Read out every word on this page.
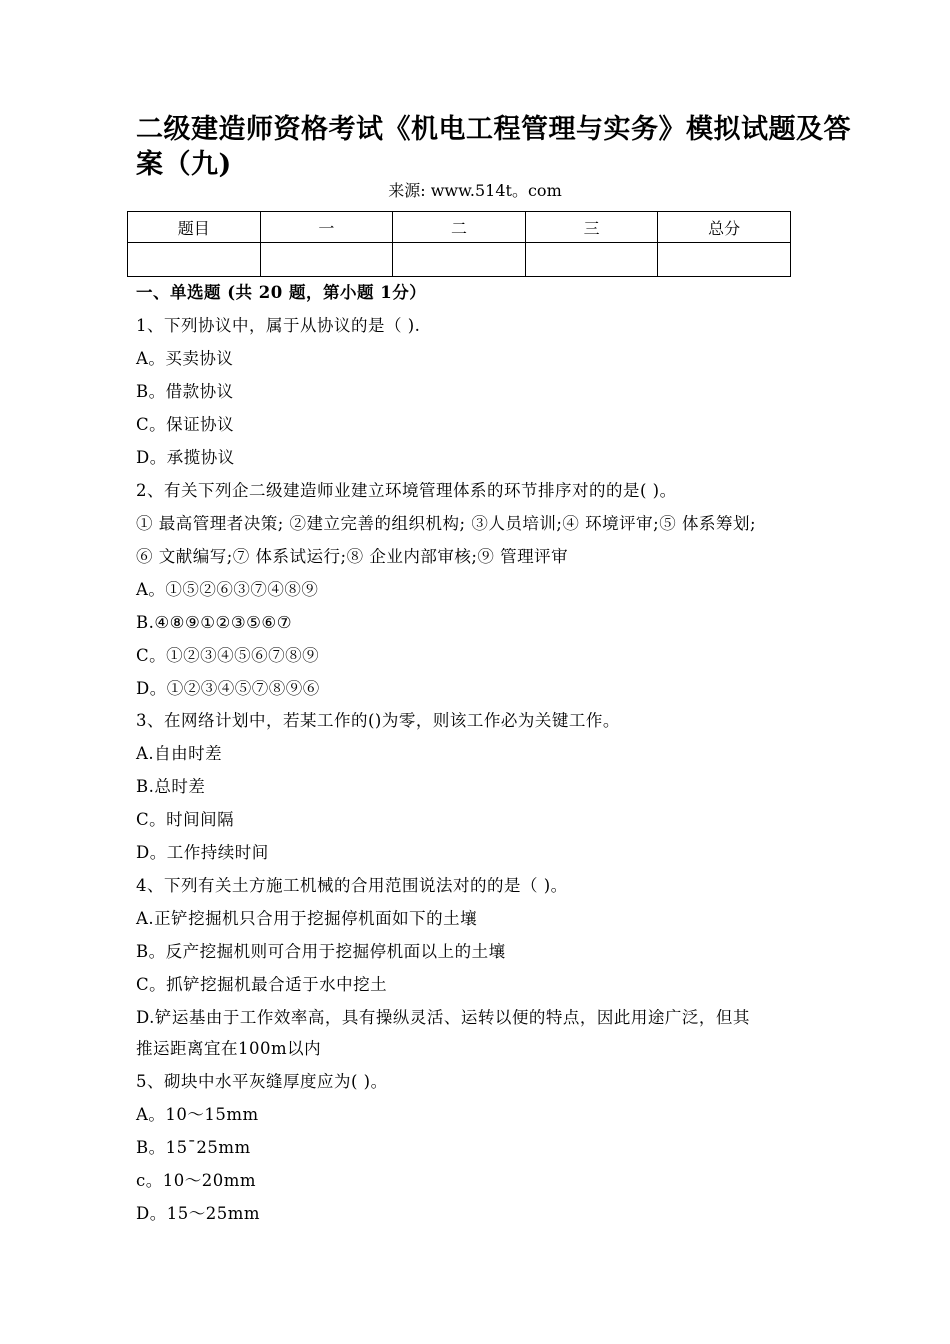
二级建造师资格考试《机电工程管理与实务》模拟试题及答案（九)
来源: www.514t。com
题目	一	二	三	总分

一、单选题 (共 20 题，第小题 1分）
1、下列协议中，属于从协议的是（ ).
A。买卖协议
B。借款协议
C。保证协议
D。承揽协议
2、有关下列企二级建造师业建立环境管理体系的环节排序对的的是( )。
① 最高管理者决策; ②建立完善的组织机构; ③人员培训;④ 环境评审;⑤ 体系筹划;
⑥ 文献编写;⑦ 体系试运行;⑧ 企业内部审核;⑨ 管理评审
A。①⑤②⑥③⑦④⑧⑨
B.④⑧⑨①②③⑤⑥⑦
C。①②③④⑤⑥⑦⑧⑨
D。①②③④⑤⑦⑧⑨⑥
3、在网络计划中，若某工作的()为零，则该工作必为关键工作。
A.自由时差
B.总时差
C。时间间隔
D。工作持续时间
4、下列有关土方施工机械的合用范围说法对的的是（ )。
A.正铲挖掘机只合用于挖掘停机面如下的土壤
B。反产挖掘机则可合用于挖掘停机面以上的土壤
C。抓铲挖掘机最合适于水中挖土
D.铲运基由于工作效率高，具有操纵灵活、运转以便的特点，因此用途广泛，但其
推运距离宜在100m以内
5、砌块中水平灰缝厚度应为( )。
A。10～15mm
B。15¯25mm
c。10～20mm
D。15～25mm
